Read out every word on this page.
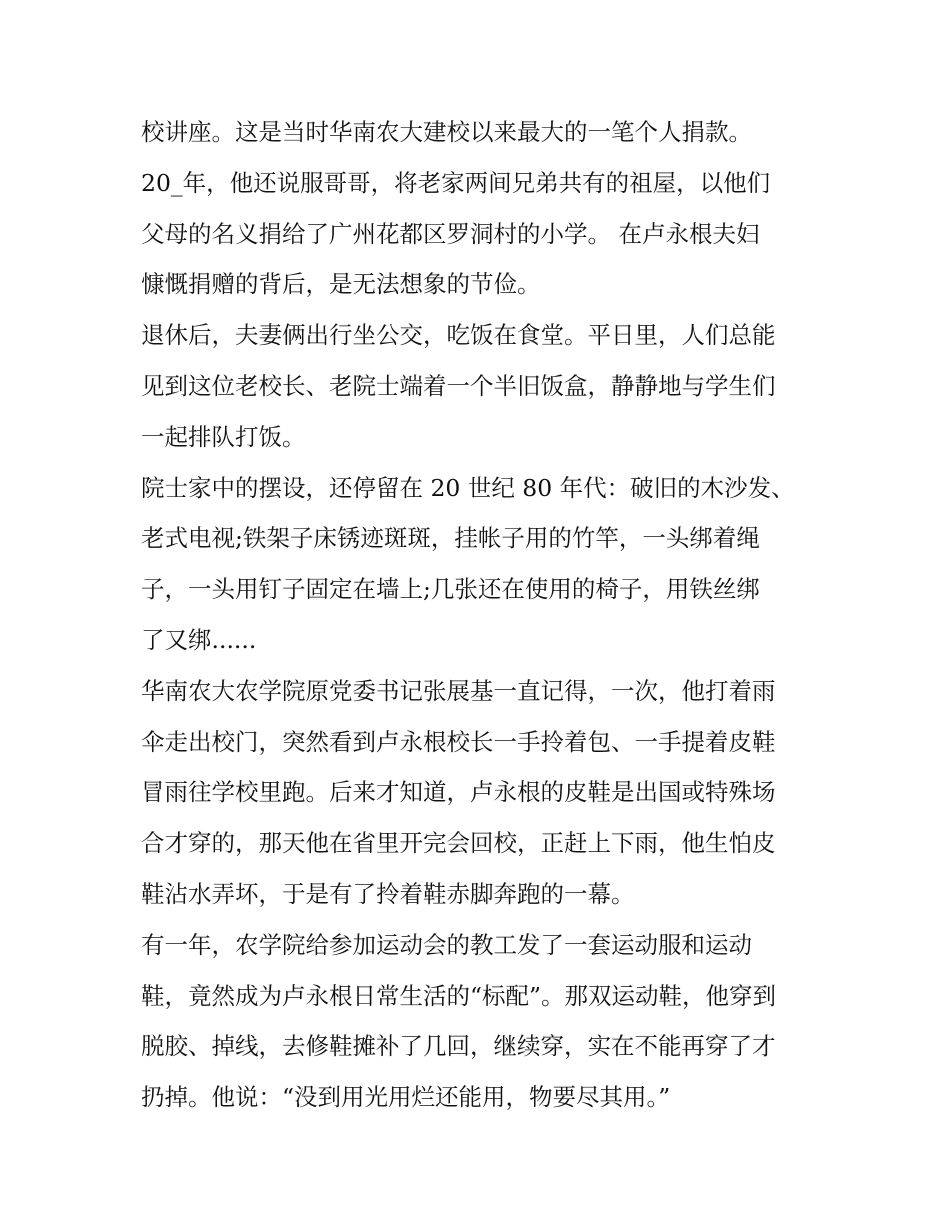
校讲座。这是当时华南农大建校以来最大的一笔个人捐款。
20_年，他还说服哥哥，将老家两间兄弟共有的祖屋，以他们
父母的名义捐给了广州花都区罗洞村的小学。 在卢永根夫妇
慷慨捐赠的背后，是无法想象的节俭。
退休后，夫妻俩出行坐公交，吃饭在食堂。平日里，人们总能
见到这位老校长、老院士端着一个半旧饭盒，静静地与学生们
一起排队打饭。
院士家中的摆设，还停留在 20 世纪 80 年代：破旧的木沙发、
老式电视;铁架子床锈迹斑斑，挂帐子用的竹竿，一头绑着绳
子，一头用钉子固定在墙上;几张还在使用的椅子，用铁丝绑
了又绑......
华南农大农学院原党委书记张展基一直记得，一次，他打着雨
伞走出校门，突然看到卢永根校长一手拎着包、一手提着皮鞋
冒雨往学校里跑。后来才知道，卢永根的皮鞋是出国或特殊场
合才穿的，那天他在省里开完会回校，正赶上下雨，他生怕皮
鞋沾水弄坏，于是有了拎着鞋赤脚奔跑的一幕。
有一年，农学院给参加运动会的教工发了一套运动服和运动
鞋，竟然成为卢永根日常生活的“标配”。那双运动鞋，他穿到
脱胶、掉线，去修鞋摊补了几回，继续穿，实在不能再穿了才
扔掉。他说：“没到用光用烂还能用，物要尽其用。”
